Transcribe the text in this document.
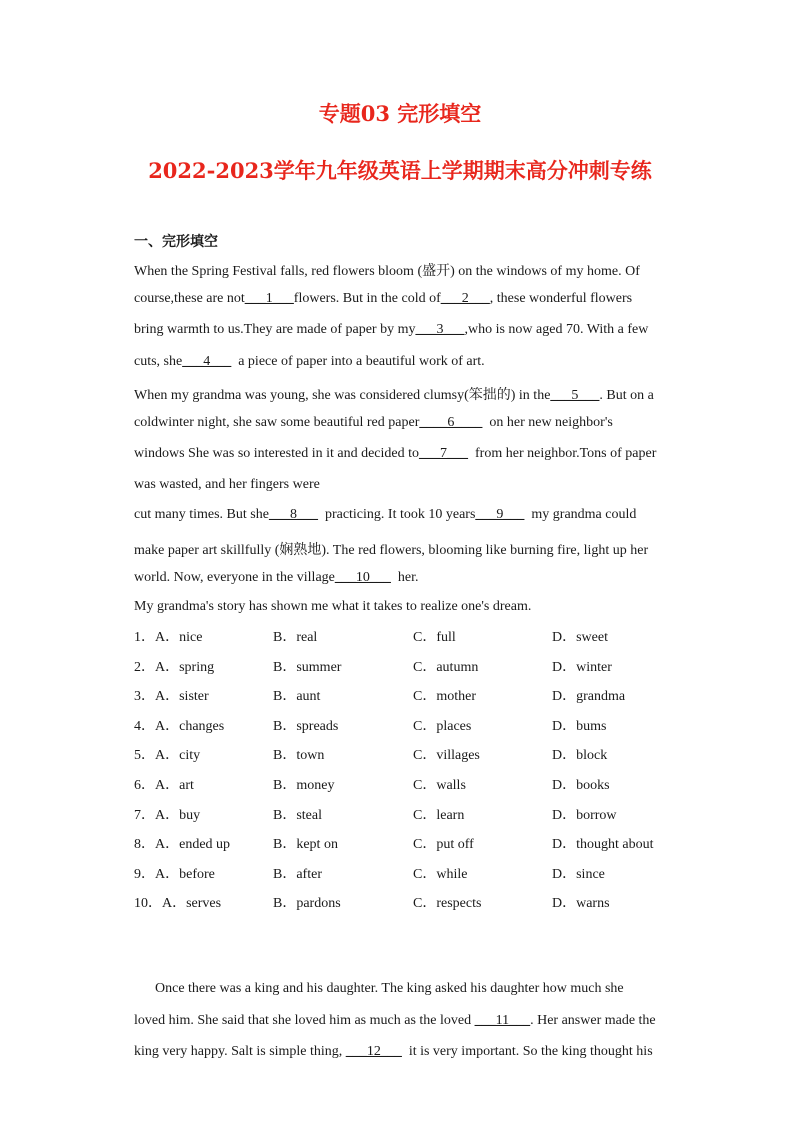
专题03 完形填空
2022-2023学年九年级英语上学期期末高分冲刺专练
一、完形填空
When the Spring Festival falls, red flowers bloom (盛开) on the windows of my home. Of
course,these are not___1___flowers. But in the cold of___2___, these wonderful flowers
bring warmth to us.They are made of paper by my___3___,who is now aged 70. With a few
cuts, she___4___  a piece of paper into a beautiful work of art.
When my grandma was young, she was considered clumsy(笨拙的) in the___5___. But on a
coldwinter night, she saw some beautiful red paper____6____  on her new neighbor's
windows She was so interested in it and decided to___7___  from her neighbor.Tons of paper
was wasted, and her fingers were
cut many times. But she___8___  practicing. It took 10 years___9___  my grandma could
make paper art skillfully (娴熟地). The red flowers, blooming like burning fire, light up her
world. Now, everyone in the village___10___  her.
My grandma's story has shown me what it takes to realize one's dream.
1．A．nice	B．real	C．full	D．sweet
2．A．spring	B．summer	C．autumn	D．winter
3．A．sister	B．aunt	C．mother	D．grandma
4．A．changes	B．spreads	C．places	D．bums
5．A．city	B．town	C．villages	D．block
6．A．art	B．money	C．walls	D．books
7．A．buy	B．steal	C．learn	D．borrow
8．A．ended up	B．kept on	C．put off	D．thought about
9．A．before	B．after	C．while	D．since
10．A．serves	B．pardons	C．respects	D．warns
Once there was a king and his daughter. The king asked his daughter how much she
loved him. She said that she loved him as much as the loved ___11___. Her answer made the
king very happy. Salt is simple thing, ___12___  it is very important. So the king thought his
